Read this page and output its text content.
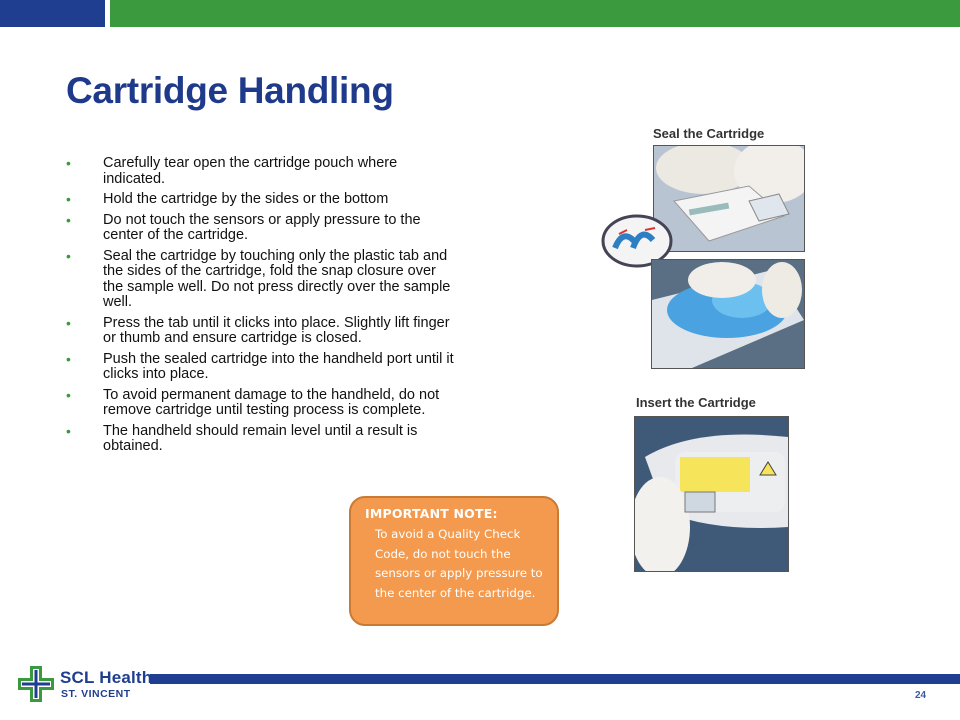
Cartridge Handling
• Carefully tear open the cartridge pouch where indicated.
• Hold the cartridge by the sides or the bottom
• Do not touch the sensors or apply pressure to the center of the cartridge.
• Seal the cartridge by touching only the plastic tab and the sides of the cartridge, fold the snap closure over the sample well. Do not press directly over the sample well.
• Press the tab until it clicks into place. Slightly lift finger or thumb and ensure cartridge is closed.
• Push the sealed cartridge into the handheld port until it clicks into place.
• To avoid permanent damage to the handheld, do not remove cartridge until testing process is complete.
• The handheld should remain level until a result is obtained.
IMPORTANT NOTE:
To avoid a Quality Check Code, do not touch the sensors or apply pressure to the center of the cartridge.
Seal the Cartridge
Insert the Cartridge
SCL Health
ST. VINCENT	24
